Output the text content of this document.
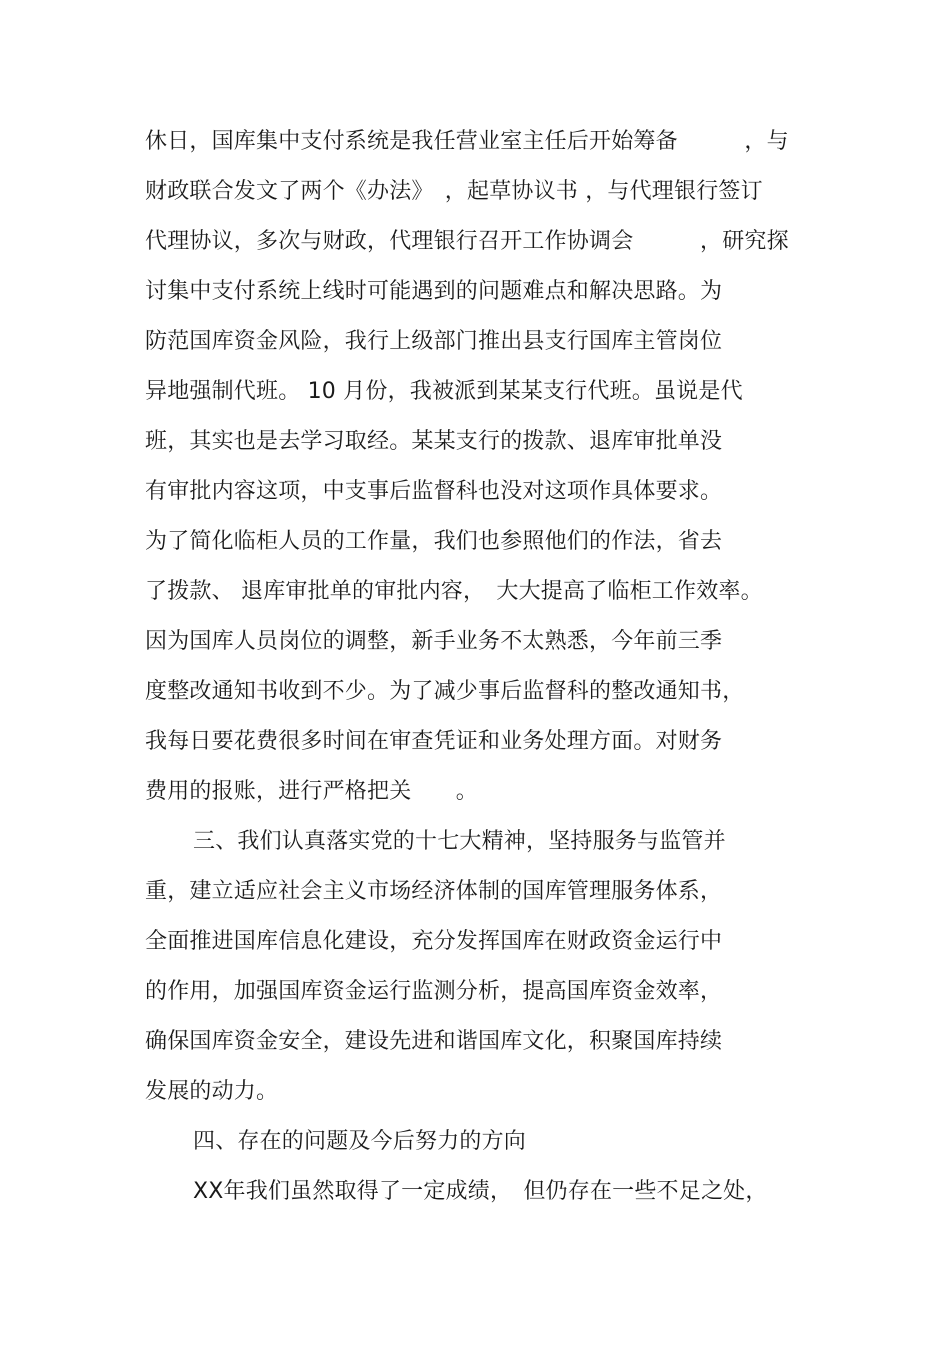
休日，国库集中支付系统是我任营业室主任后开始筹备　　　，与
财政联合发文了两个《办法》　，起草协议书 ，与代理银行签订
代理协议，多次与财政，代理银行召开工作协调会　　　，研究探
讨集中支付系统上线时可能遇到的问题难点和解决思路。为
防范国库资金风险，我行上级部门推出县支行国库主管岗位
异地强制代班。 10 月份，我被派到某某支行代班。虽说是代
班，其实也是去学习取经。某某支行的拨款、退库审批单没
有审批内容这项，中支事后监督科也没对这项作具体要求。
为了简化临柜人员的工作量，我们也参照他们的作法，省去
了拨款、 退库审批单的审批内容，　大大提高了临柜工作效率。
因为国库人员岗位的调整，新手业务不太熟悉，今年前三季
度整改通知书收到不少。为了减少事后监督科的整改通知书，
我每日要花费很多时间在审查凭证和业务处理方面。对财务
费用的报账，进行严格把关　　。
三、我们认真落实党的十七大精神，坚持服务与监管并
重，建立适应社会主义市场经济体制的国库管理服务体系，
全面推进国库信息化建设，充分发挥国库在财政资金运行中
的作用，加强国库资金运行监测分析，提高国库资金效率，
确保国库资金安全，建设先进和谐国库文化，积聚国库持续
发展的动力。
四、存在的问题及今后努力的方向
XX年我们虽然取得了一定成绩，　但仍存在一些不足之处，
